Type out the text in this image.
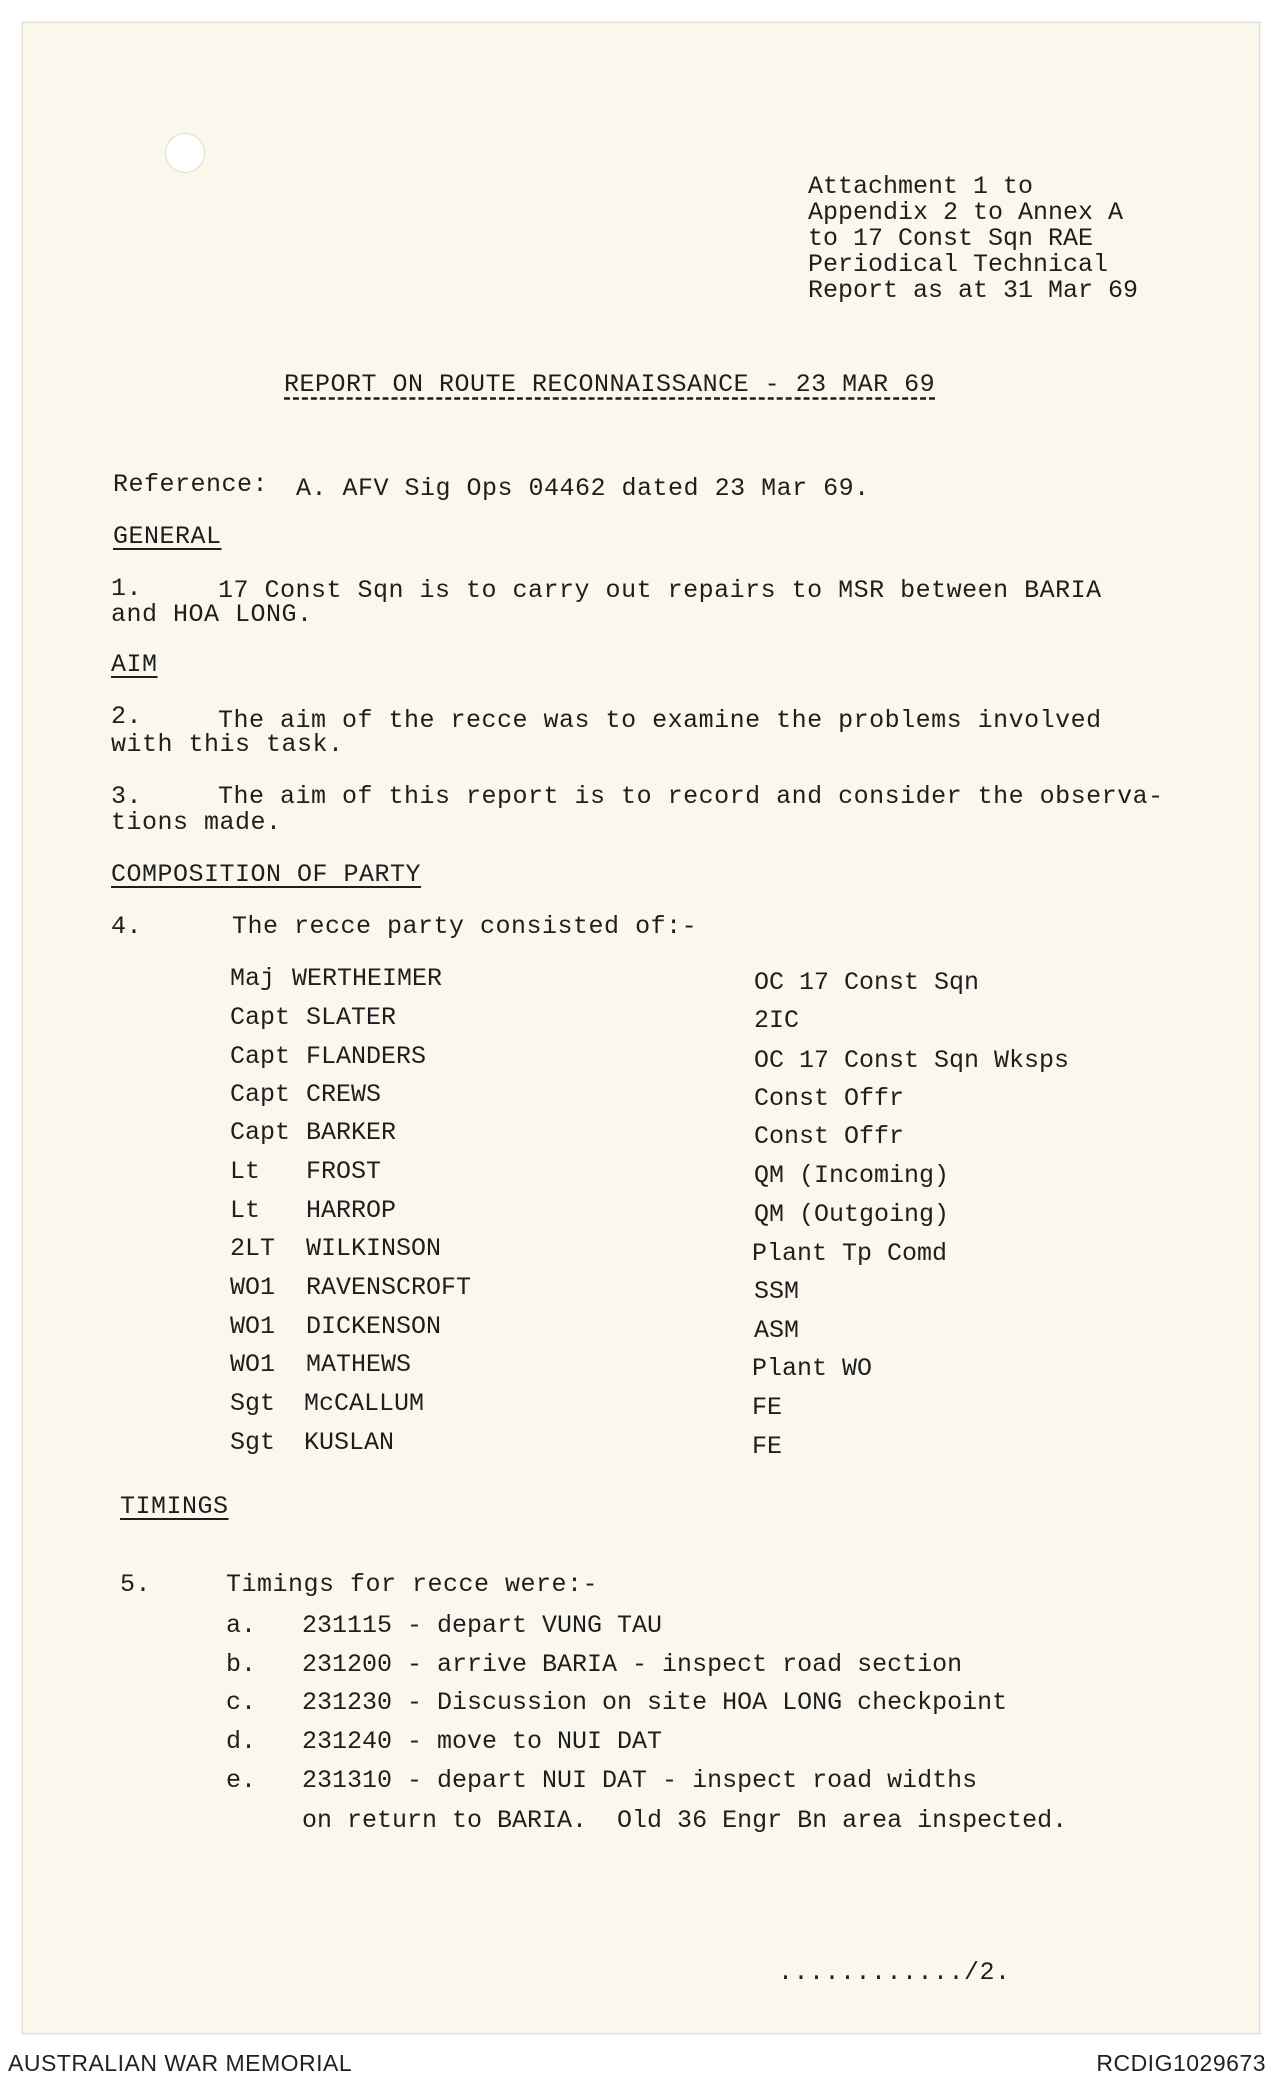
Attachment 1 to
Appendix 2 to Annex A
to 17 Const Sqn RAE
Periodical Technical
Report as at 31 Mar 69
REPORT ON ROUTE RECONNAISSANCE - 23 MAR 69
Reference: A. AFV Sig Ops 04462 dated 23 Mar 69.
GENERAL
1.	17 Const Sqn is to carry out repairs to MSR between BARIA
and HOA LONG.
AIM
2.	The aim of the recce was to examine the problems involved
with this task.
3.	The aim of this report is to record and consider the observa-
tions made.
COMPOSITION OF PARTY
4.	The recce party consisted of:-
Maj WERTHEIMER	OC 17 Const Sqn
Capt SLATER	2IC
Capt FLANDERS	OC 17 Const Sqn Wksps
Capt CREWS	Const Offr
Capt BARKER	Const Offr
Lt FROST	QM (Incoming)
Lt HARROP	QM (Outgoing)
2LT WILKINSON	Plant Tp Comd
WO1 RAVENSCROFT	SSM
WO1 DICKENSON	ASM
WO1 MATHEWS	Plant WO
Sgt McCALLUM	FE
Sgt KUSLAN	FE
TIMINGS
5.	Timings for recce were:-
a. 231115 - depart VUNG TAU
b. 231200 - arrive BARIA - inspect road section
c. 231230 - Discussion on site HOA LONG checkpoint
d. 231240 - move to NUI DAT
e. 231310 - depart NUI DAT - inspect road widths
on return to BARIA.  Old 36 Engr Bn area inspected.
............/2.
AUSTRALIAN WAR MEMORIAL	RCDIG1029673
